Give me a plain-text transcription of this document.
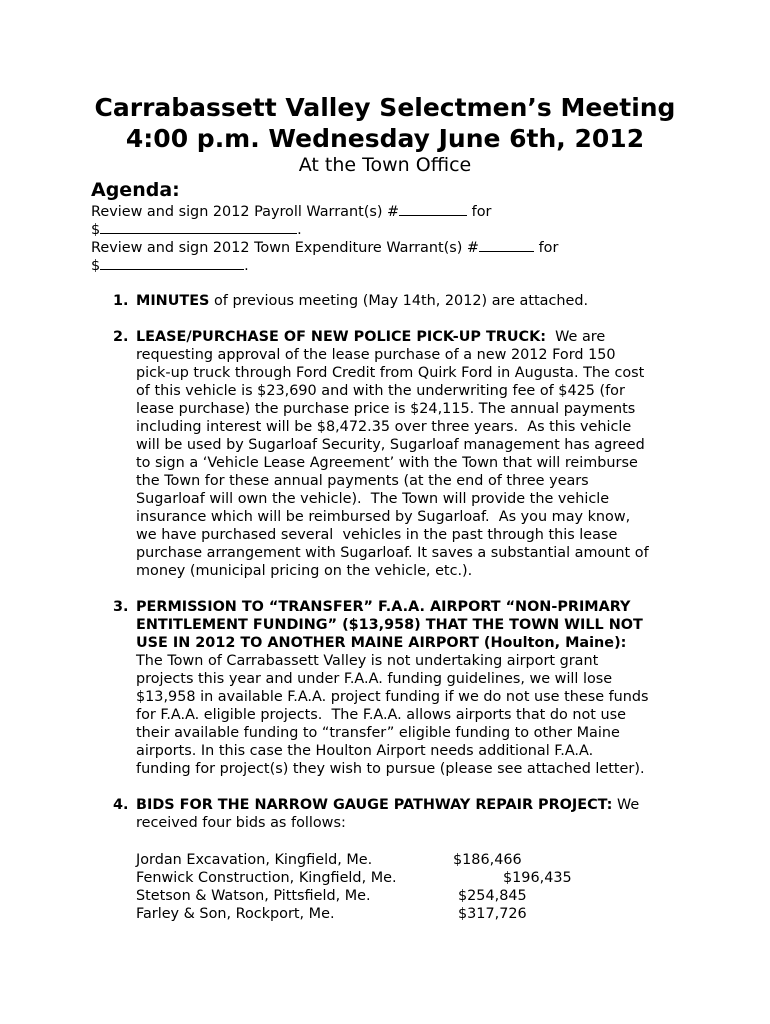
Carrabassett Valley Selectmen’s Meeting
4:00 p.m. Wednesday June 6th, 2012
At the Town Office
Agenda:
Review and sign 2012 Payroll Warrant(s) #	for
$	.
Review and sign 2012 Town Expenditure Warrant(s) #	for
$	.
1. MINUTES of previous meeting (May 14th, 2012) are attached.
2. LEASE/PURCHASE OF NEW POLICE PICK-UP TRUCK:  We are
requesting approval of the lease purchase of a new 2012 Ford 150
pick-up truck through Ford Credit from Quirk Ford in Augusta. The cost
of this vehicle is $23,690 and with the underwriting fee of $425 (for
lease purchase) the purchase price is $24,115. The annual payments
including interest will be $8,472.35 over three years.  As this vehicle
will be used by Sugarloaf Security, Sugarloaf management has agreed
to sign a ‘Vehicle Lease Agreement’ with the Town that will reimburse
the Town for these annual payments (at the end of three years
Sugarloaf will own the vehicle).  The Town will provide the vehicle
insurance which will be reimbursed by Sugarloaf.  As you may know,
we have purchased several  vehicles in the past through this lease
purchase arrangement with Sugarloaf. It saves a substantial amount of
money (municipal pricing on the vehicle, etc.).
3. PERMISSION TO “TRANSFER” F.A.A. AIRPORT “NON-PRIMARY
ENTITLEMENT FUNDING” ($13,958) THAT THE TOWN WILL NOT
USE IN 2012 TO ANOTHER MAINE AIRPORT (Houlton, Maine):
The Town of Carrabassett Valley is not undertaking airport grant
projects this year and under F.A.A. funding guidelines, we will lose
$13,958 in available F.A.A. project funding if we do not use these funds
for F.A.A. eligible projects.  The F.A.A. allows airports that do not use
their available funding to “transfer” eligible funding to other Maine
airports. In this case the Houlton Airport needs additional F.A.A.
funding for project(s) they wish to pursue (please see attached letter).
4. BIDS FOR THE NARROW GAUGE PATHWAY REPAIR PROJECT: We
received four bids as follows:
Jordan Excavation, Kingfield, Me.	$186,466
Fenwick Construction, Kingfield, Me.	$196,435
Stetson & Watson, Pittsfield, Me.	$254,845
Farley & Son, Rockport, Me.	$317,726
